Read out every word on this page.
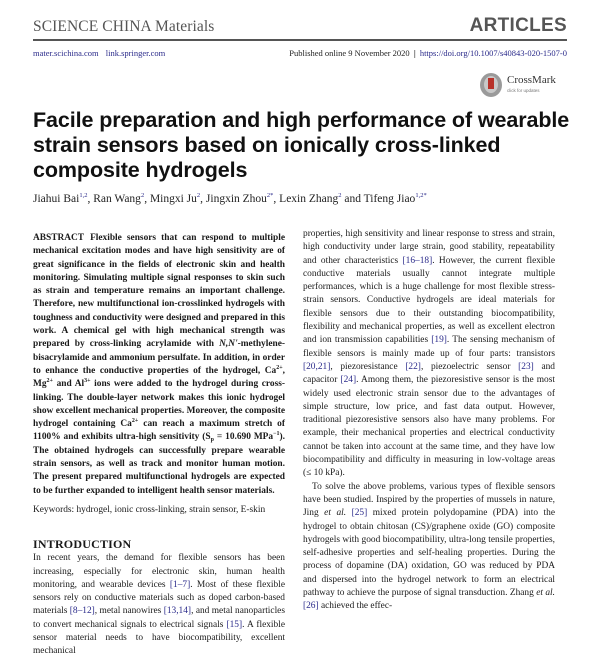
SCIENCE CHINA Materials	ARTICLES
mater.scichina.com link.springer.com	Published online 9 November 2020 | https://doi.org/10.1007/s40843-020-1507-0
CrossMark
click for updates
Facile preparation and high performance of wearable strain sensors based on ionically cross-linked composite hydrogels
Jiahui Bai$^{1,2}$, Ran Wang$^2$, Mingxi Ju$^2$, Jingxin Zhou$^{2*}$, Lexin Zhang$^2$ and Tifeng Jiao$^{1,2*}$

ABSTRACT Flexible sensors that can respond to multiple mechanical excitation modes and have high sensitivity are of great significance in the fields of electronic skin and health monitoring. Simulating multiple signal responses to skin such as strain and temperature remains an important challenge. Therefore, new multifunctional ion-crosslinked hydrogels with toughness and conductivity were designed and prepared in this work. A chemical gel with high mechanical strength was prepared by cross-linking acrylamide with N,N'-methylene-bisacrylamide and ammonium persulfate. In addition, in order to enhance the conductive properties of the hydrogel, $Ca^{2+}$, $Mg^{2+}$ and $Al^{3+}$ ions were added to the hydrogel during cross-linking. The double-layer network makes this ionic hydrogel show excellent mechanical properties. Moreover, the composite hydrogel containing $Ca^{2+}$ can reach a maximum stretch of 1100% and exhibits ultra-high sensitivity ($S_p = 10.690$ MPa$^{-1}$). The obtained hydrogels can successfully prepare wearable strain sensors, as well as track and monitor human motion. The present prepared multifunctional hydrogels are expected to be further expanded to intelligent health sensor materials.

Keywords: hydrogel, ionic cross-linking, strain sensor, E-skin

INTRODUCTION

In recent years, the demand for flexible sensors has been increasing, especially for electronic skin, human health monitoring, and wearable devices [1–7]. Most of these flexible sensors rely on conductive materials such as doped carbon-based materials [8–12], metal nanowires [13,14], and metal nanoparticles to convert mechanical signals to electrical signals [15]. A flexible sensor material needs to have biocompatibility, excellent mechanical

properties, high sensitivity and linear response to stress and strain, high conductivity under large strain, good stability, repeatability and other characteristics [16–18]. However, the current flexible conductive materials usually cannot integrate multiple performances, which is a huge challenge for most flexible stress-strain sensors. Conductive hydrogels are ideal materials for flexible sensors due to their outstanding biocompatibility, flexibility and mechanical properties, as well as excellent electron and ion transmission capabilities [19]. The sensing mechanism of flexible sensors is mainly made up of four parts: transistors [20,21], piezoresistance [22], piezoelectric sensor [23] and capacitor [24]. Among them, the piezoresistive sensor is the most widely used electronic strain sensor due to the advantages of simple structure, low price, and fast data output. However, traditional piezoresistive sensors also have many problems. For example, their mechanical properties and electrical conductivity cannot be taken into account at the same time, and they have low biocompatibility and difficulty in measuring in low-voltage areas (≤ 10 kPa).

To solve the above problems, various types of flexible sensors have been studied. Inspired by the properties of mussels in nature, Jing et al. [25] mixed protein polydopamine (PDA) into the hydrogel to obtain chitosan (CS)/graphene oxide (GO) composite hydrogels with good biocompatibility, ultra-long tensile properties, self-adhesive properties and self-healing properties. During the process of dopamine (DA) oxidation, GO was reduced by PDA and dispersed into the hydrogel network to form an electrical pathway to achieve the purpose of signal transduction. Zhang et al. [26] achieved the effec-
